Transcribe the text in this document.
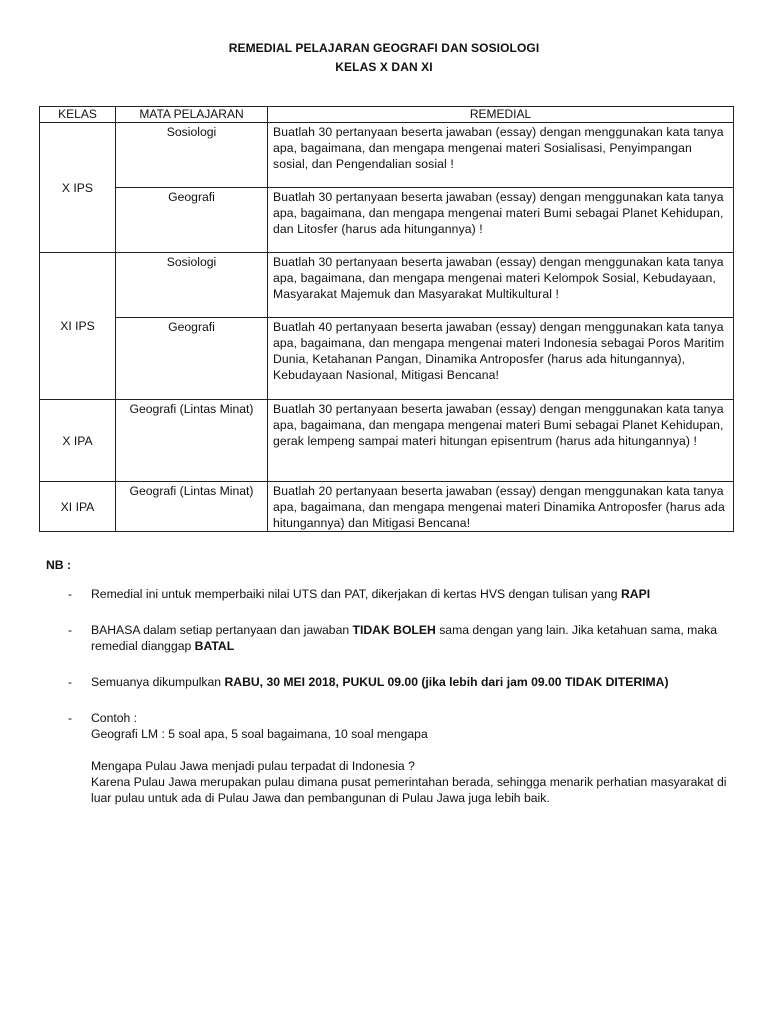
REMEDIAL PELAJARAN GEOGRAFI DAN SOSIOLOGI
KELAS X DAN XI
KELAS	MATA PELAJARAN	REMEDIAL
X IPS	Sosiologi	Buatlah 30 pertanyaan beserta jawaban (essay) dengan menggunakan kata tanya apa, bagaimana, dan mengapa mengenai materi Sosialisasi, Penyimpangan sosial, dan Pengendalian sosial !
	Geografi	Buatlah 30 pertanyaan beserta jawaban (essay) dengan menggunakan kata tanya apa, bagaimana, dan mengapa mengenai materi Bumi sebagai Planet Kehidupan, dan Litosfer (harus ada hitungannya) !
XI IPS	Sosiologi	Buatlah 30 pertanyaan beserta jawaban (essay) dengan menggunakan kata tanya apa, bagaimana, dan mengapa mengenai materi Kelompok Sosial, Kebudayaan, Masyarakat Majemuk dan Masyarakat Multikultural !
	Geografi	Buatlah 40 pertanyaan beserta jawaban (essay) dengan menggunakan kata tanya apa, bagaimana, dan mengapa mengenai materi Indonesia sebagai Poros Maritim Dunia, Ketahanan Pangan, Dinamika Antroposfer (harus ada hitungannya), Kebudayaan Nasional, Mitigasi Bencana!
X IPA	Geografi (Lintas Minat)	Buatlah 30 pertanyaan beserta jawaban (essay) dengan menggunakan kata tanya apa, bagaimana, dan mengapa mengenai materi Bumi sebagai Planet Kehidupan, gerak lempeng sampai materi hitungan episentrum (harus ada hitungannya) !
XI IPA	Geografi (Lintas Minat)	Buatlah 20 pertanyaan beserta jawaban (essay) dengan menggunakan kata tanya apa, bagaimana, dan mengapa mengenai materi Dinamika Antroposfer (harus ada hitungannya) dan Mitigasi Bencana!
NB :
-	Remedial ini untuk memperbaiki nilai UTS dan PAT, dikerjakan di kertas HVS dengan tulisan yang RAPI
-	BAHASA dalam setiap pertanyaan dan jawaban TIDAK BOLEH sama dengan yang lain. Jika ketahuan sama, maka remedial dianggap BATAL
-	Semuanya dikumpulkan RABU, 30 MEI 2018, PUKUL 09.00 (jika lebih dari jam 09.00 TIDAK DITERIMA)
-	Contoh :
Geografi LM : 5 soal apa, 5 soal bagaimana, 10 soal mengapa
Mengapa Pulau Jawa menjadi pulau terpadat di Indonesia ?
Karena Pulau Jawa merupakan pulau dimana pusat pemerintahan berada, sehingga menarik perhatian masyarakat di luar pulau untuk ada di Pulau Jawa dan pembangunan di Pulau Jawa juga lebih baik.
